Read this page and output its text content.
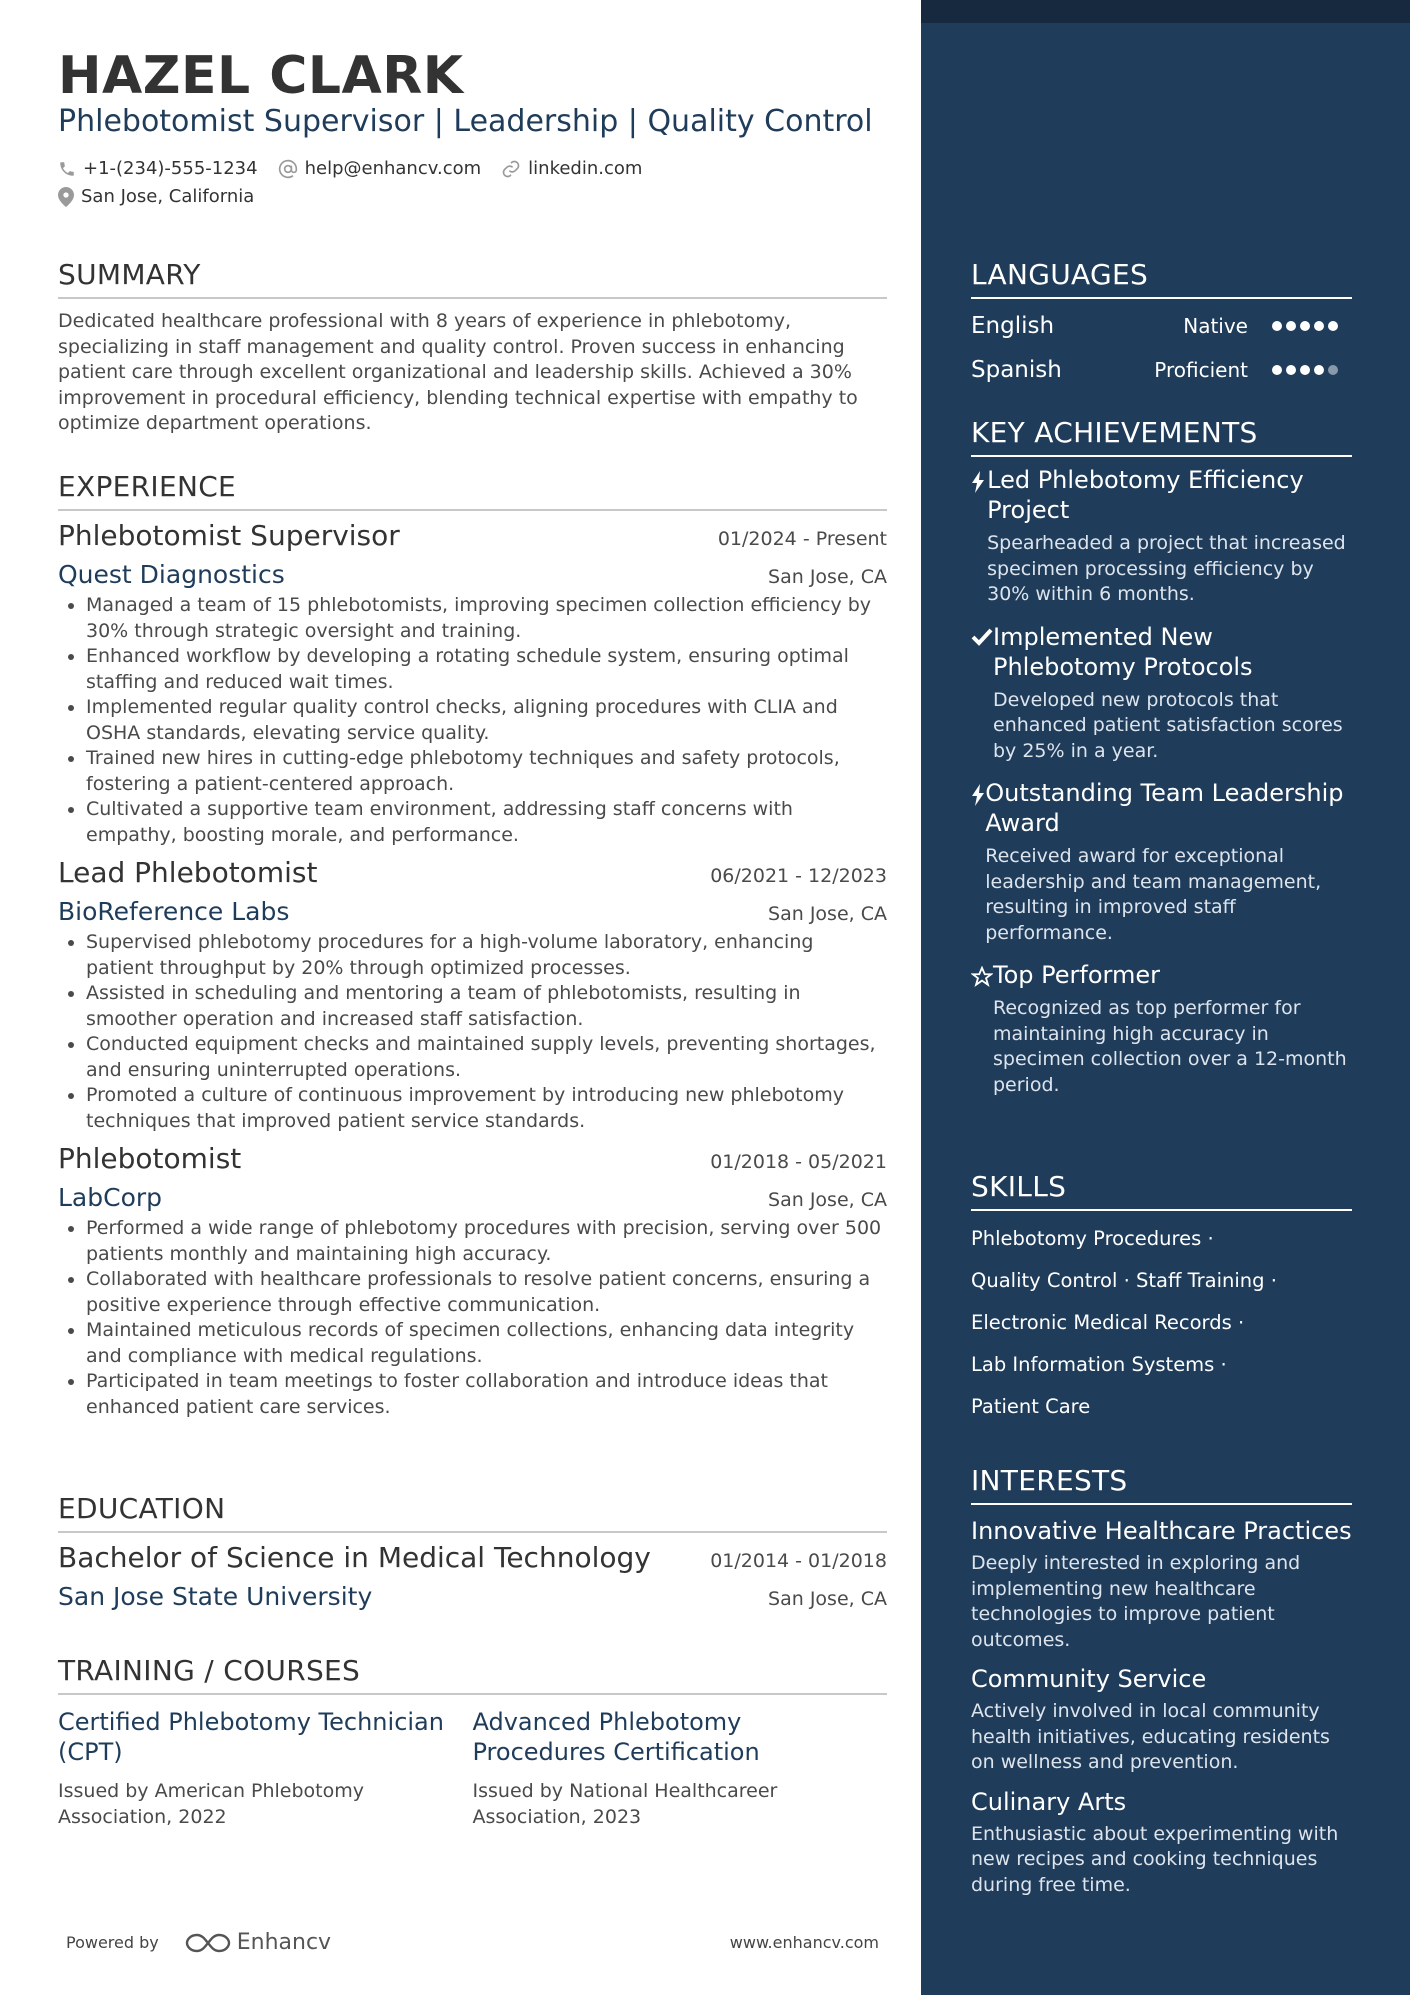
HAZEL CLARK
Phlebotomist Supervisor | Leadership | Quality Control
+1-(234)-555-1234	help@enhancv.com	linkedin.com
San Jose, California
SUMMARY

Dedicated healthcare professional with 8 years of experience in phlebotomy, specializing in staff management and quality control. Proven success in enhancing patient care through excellent organizational and leadership skills. Achieved a 30% improvement in procedural efficiency, blending technical expertise with empathy to optimize department operations.

EXPERIENCE
Phlebotomist Supervisor	01/2024 - Present
Quest Diagnostics	San Jose, CA
• Managed a team of 15 phlebotomists, improving specimen collection efficiency by 30% through strategic oversight and training.
• Enhanced workflow by developing a rotating schedule system, ensuring optimal staffing and reduced wait times.
• Implemented regular quality control checks, aligning procedures with CLIA and OSHA standards, elevating service quality.
• Trained new hires in cutting-edge phlebotomy techniques and safety protocols, fostering a patient-centered approach.
• Cultivated a supportive team environment, addressing staff concerns with empathy, boosting morale, and performance.
Lead Phlebotomist	06/2021 - 12/2023
BioReference Labs	San Jose, CA
• Supervised phlebotomy procedures for a high-volume laboratory, enhancing patient throughput by 20% through optimized processes.
• Assisted in scheduling and mentoring a team of phlebotomists, resulting in smoother operation and increased staff satisfaction.
• Conducted equipment checks and maintained supply levels, preventing shortages, and ensuring uninterrupted operations.
• Promoted a culture of continuous improvement by introducing new phlebotomy techniques that improved patient service standards.
Phlebotomist	01/2018 - 05/2021
LabCorp	San Jose, CA
• Performed a wide range of phlebotomy procedures with precision, serving over 500 patients monthly and maintaining high accuracy.
• Collaborated with healthcare professionals to resolve patient concerns, ensuring a positive experience through effective communication.
• Maintained meticulous records of specimen collections, enhancing data integrity and compliance with medical regulations.
• Participated in team meetings to foster collaboration and introduce ideas that enhanced patient care services.
EDUCATION
Bachelor of Science in Medical Technology	01/2014 - 01/2018
San Jose State University	San Jose, CA
TRAINING / COURSES
Certified Phlebotomy Technician (CPT)
Issued by American Phlebotomy Association, 2022
Advanced Phlebotomy Procedures Certification
Issued by National Healthcareer Association, 2023
Powered by	Enhancv	www.enhancv.com
LANGUAGES
English	Native
Spanish	Proficient
KEY ACHIEVEMENTS
Led Phlebotomy Efficiency Project
Spearheaded a project that increased specimen processing efficiency by 30% within 6 months.
Implemented New Phlebotomy Protocols
Developed new protocols that enhanced patient satisfaction scores by 25% in a year.
Outstanding Team Leadership Award
Received award for exceptional leadership and team management, resulting in improved staff performance.
Top Performer
Recognized as top performer for maintaining high accuracy in specimen collection over a 12-month period.
SKILLS
Phlebotomy Procedures ·
Quality Control · Staff Training ·
Electronic Medical Records ·
Lab Information Systems ·
Patient Care
INTERESTS
Innovative Healthcare Practices
Deeply interested in exploring and implementing new healthcare technologies to improve patient outcomes.
Community Service
Actively involved in local community health initiatives, educating residents on wellness and prevention.
Culinary Arts
Enthusiastic about experimenting with new recipes and cooking techniques during free time.
